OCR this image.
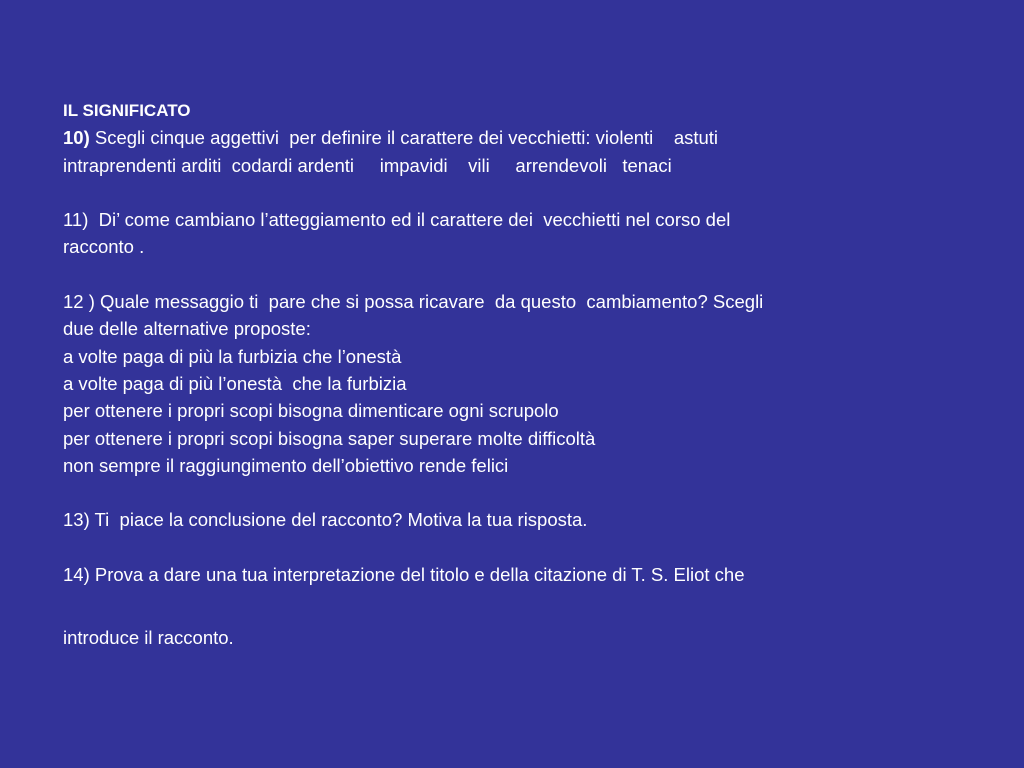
IL SIGNIFICATO
10) Scegli cinque aggettivi  per definire il carattere dei vecchietti: violenti    astuti
intraprendenti arditi  codardi ardenti     impavidi    vili     arrendevoli   tenaci
11)  Di’ come cambiano l’atteggiamento ed il carattere dei  vecchietti nel corso del
racconto .
12 ) Quale messaggio ti  pare che si possa ricavare  da questo  cambiamento? Scegli
due delle alternative proposte:
a volte paga di più la furbizia che l’onestà
a volte paga di più l’onestà  che la furbizia
per ottenere i propri scopi bisogna dimenticare ogni scrupolo
per ottenere i propri scopi bisogna saper superare molte difficoltà
non sempre il raggiungimento dell’obiettivo rende felici
13) Ti  piace la conclusione del racconto? Motiva la tua risposta.
14) Prova a dare una tua interpretazione del titolo e della citazione di T. S. Eliot che
introduce il racconto.
